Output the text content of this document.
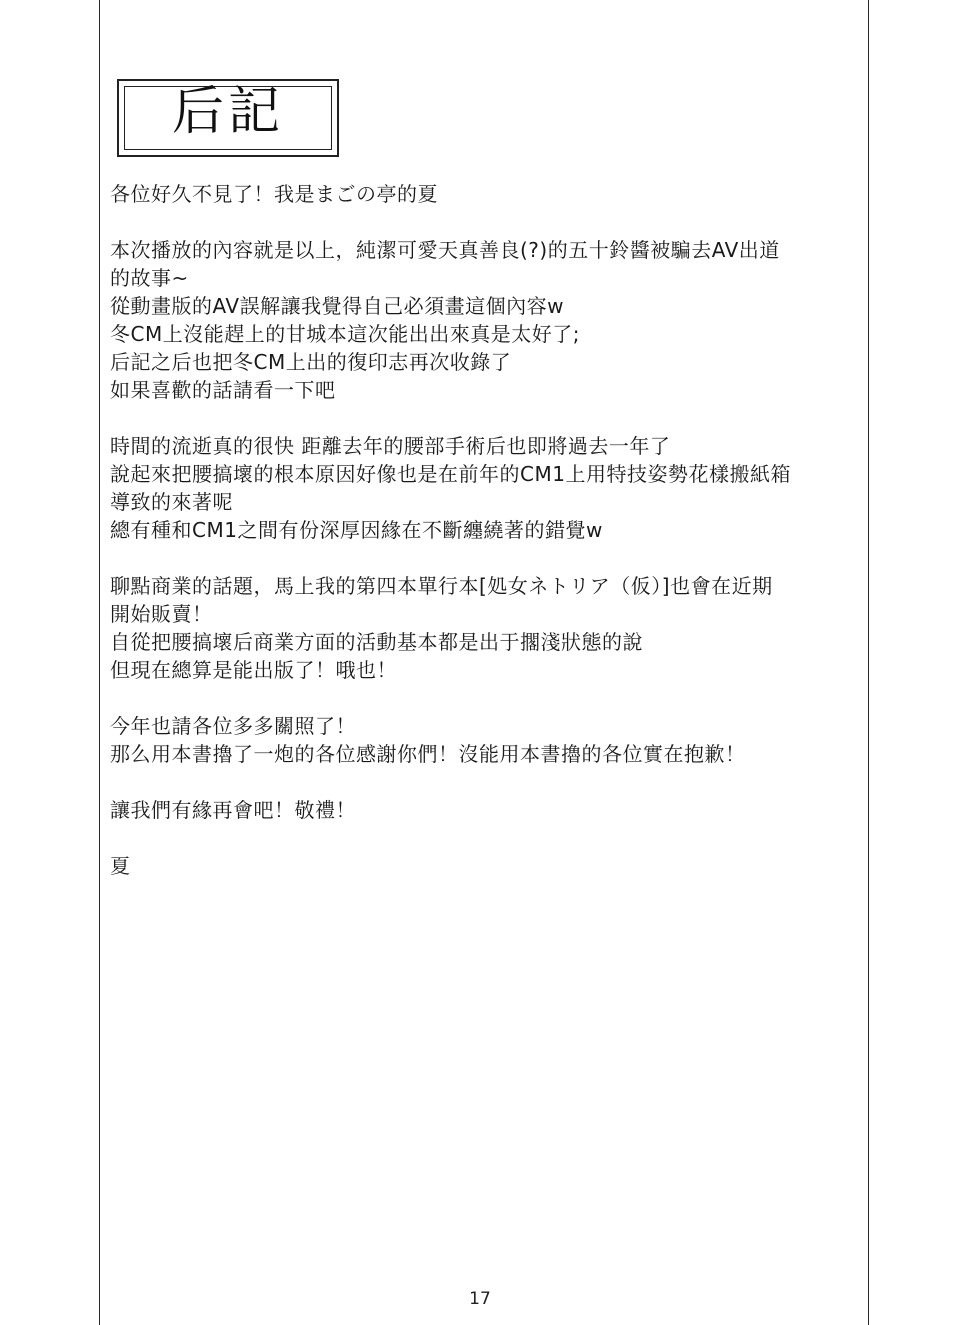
后記
各位好久不見了！我是まごの亭的夏
本次播放的內容就是以上，純潔可愛天真善良(?)的五十鈴醬被騙去AV出道
的故事~
從動畫版的AV誤解讓我覺得自己必須畫這個內容w
冬CM上沒能趕上的甘城本這次能出出來真是太好了;
后記之后也把冬CM上出的復印志再次收錄了
如果喜歡的話請看一下吧
時間的流逝真的很快 距離去年的腰部手術后也即將過去一年了
說起來把腰搞壞的根本原因好像也是在前年的CM1上用特技姿勢花樣搬紙箱
導致的來著呢
總有種和CM1之間有份深厚因緣在不斷纏繞著的錯覺w
聊點商業的話題，馬上我的第四本單行本[処女ネトリア（仮）]也會在近期
開始販賣！
自從把腰搞壞后商業方面的活動基本都是出于擱淺狀態的說
但現在總算是能出版了！哦也！
今年也請各位多多關照了！
那么用本書擼了一炮的各位感謝你們！沒能用本書擼的各位實在抱歉！
讓我們有緣再會吧！敬禮！
夏
17
